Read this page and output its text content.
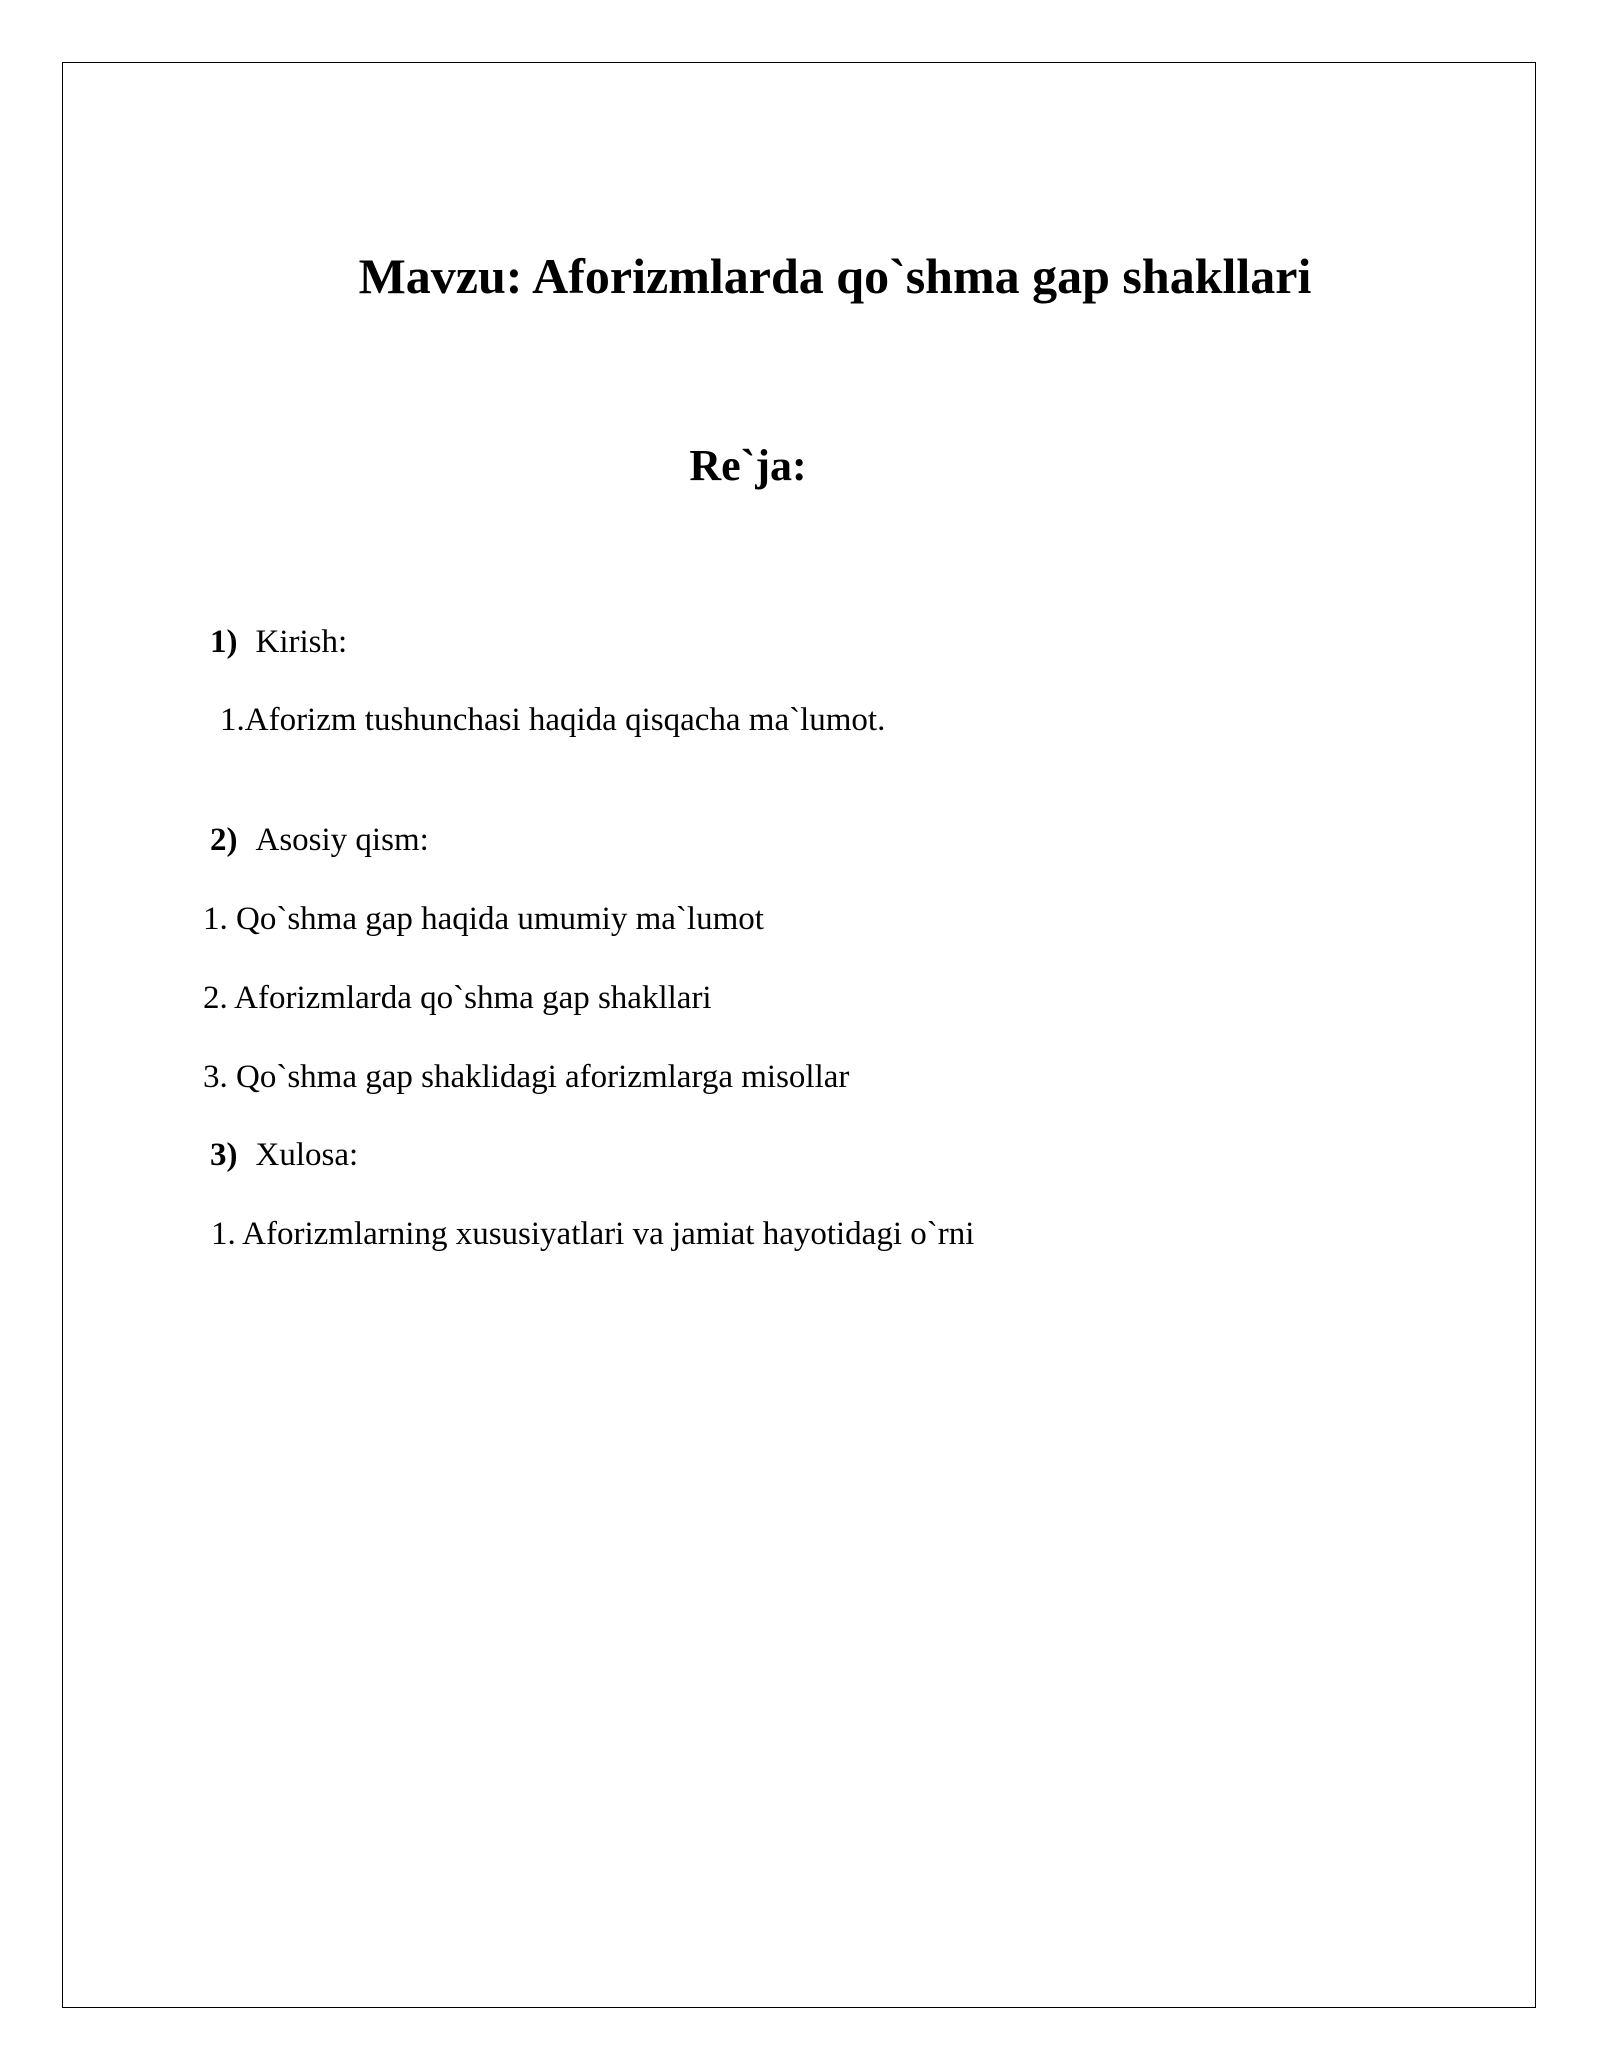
Mavzu: Aforizmlarda qo`shma gap shakllari
Re`ja:
1) Kirish:
1.Aforizm tushunchasi haqida qisqacha ma`lumot.
2) Asosiy qism:
1. Qo`shma gap haqida umumiy ma`lumot
2. Aforizmlarda qo`shma gap shakllari
3. Qo`shma gap shaklidagi aforizmlarga misollar
3) Xulosa:
1. Aforizmlarning xususiyatlari va jamiat hayotidagi o`rni
